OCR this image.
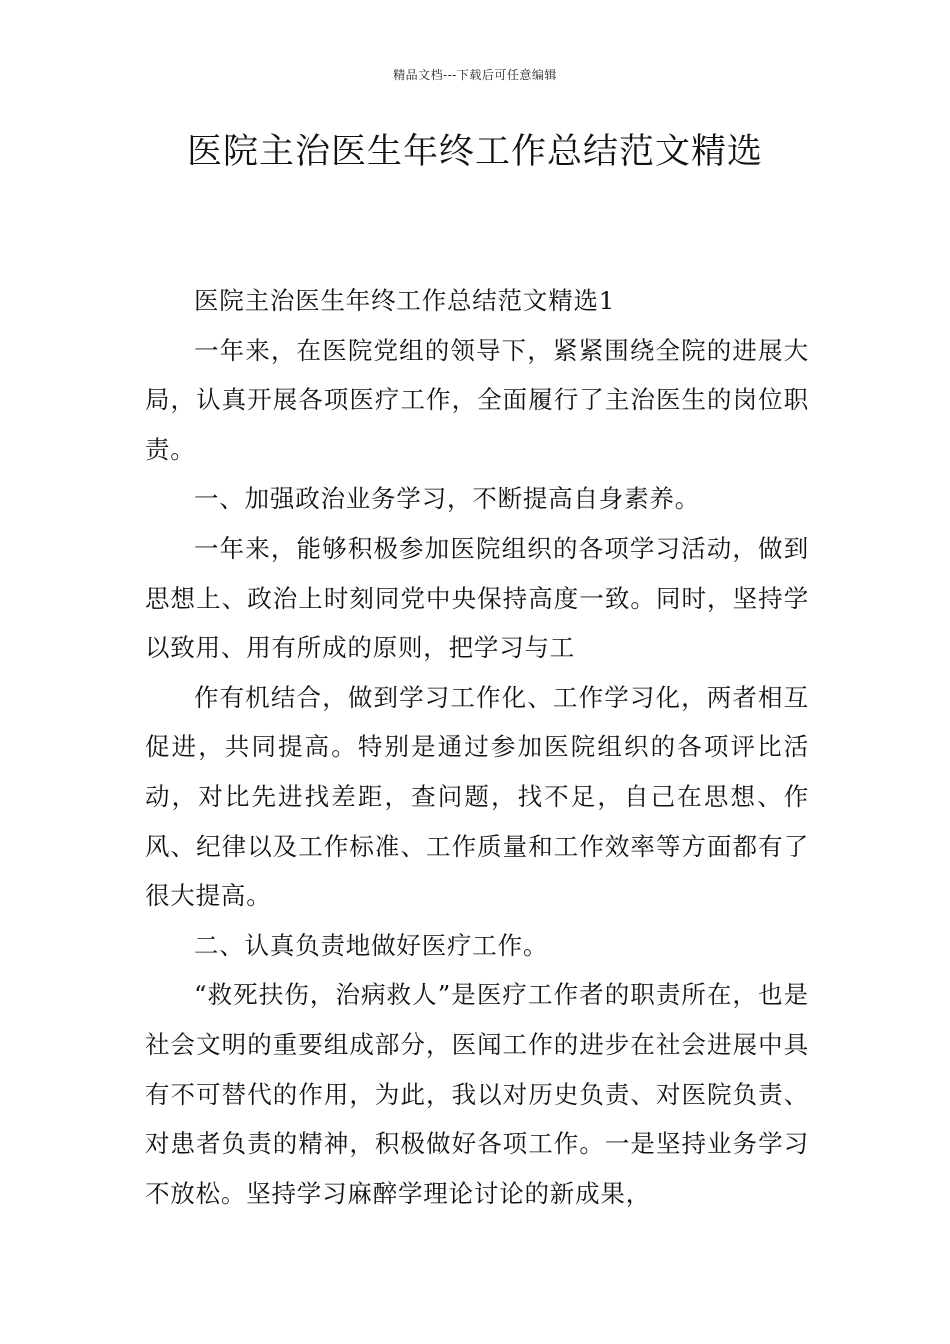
精品文档---下载后可任意编辑
医院主治医生年终工作总结范文精选

医院主治医生年终工作总结范文精选1

一年来，在医院党组的领导下，紧紧围绕全院的进展大局，认真开展各项医疗工作，全面履行了主治医生的岗位职责。

一、加强政治业务学习，不断提高自身素养。

一年来，能够积极参加医院组织的各项学习活动，做到思想上、政治上时刻同党中央保持高度一致。同时，坚持学以致用、用有所成的原则，把学习与工

作有机结合，做到学习工作化、工作学习化，两者相互促进，共同提高。特别是通过参加医院组织的各项评比活动，对比先进找差距，查问题，找不足，自己在思想、作风、纪律以及工作标准、工作质量和工作效率等方面都有了很大提高。

二、认真负责地做好医疗工作。

“救死扶伤，治病救人”是医疗工作者的职责所在，也是社会文明的重要组成部分，医闻工作的进步在社会进展中具有不可替代的作用，为此，我以对历史负责、对医院负责、对患者负责的精神，积极做好各项工作。一是坚持业务学习不放松。坚持学习麻醉学理论讨论的新成果，
